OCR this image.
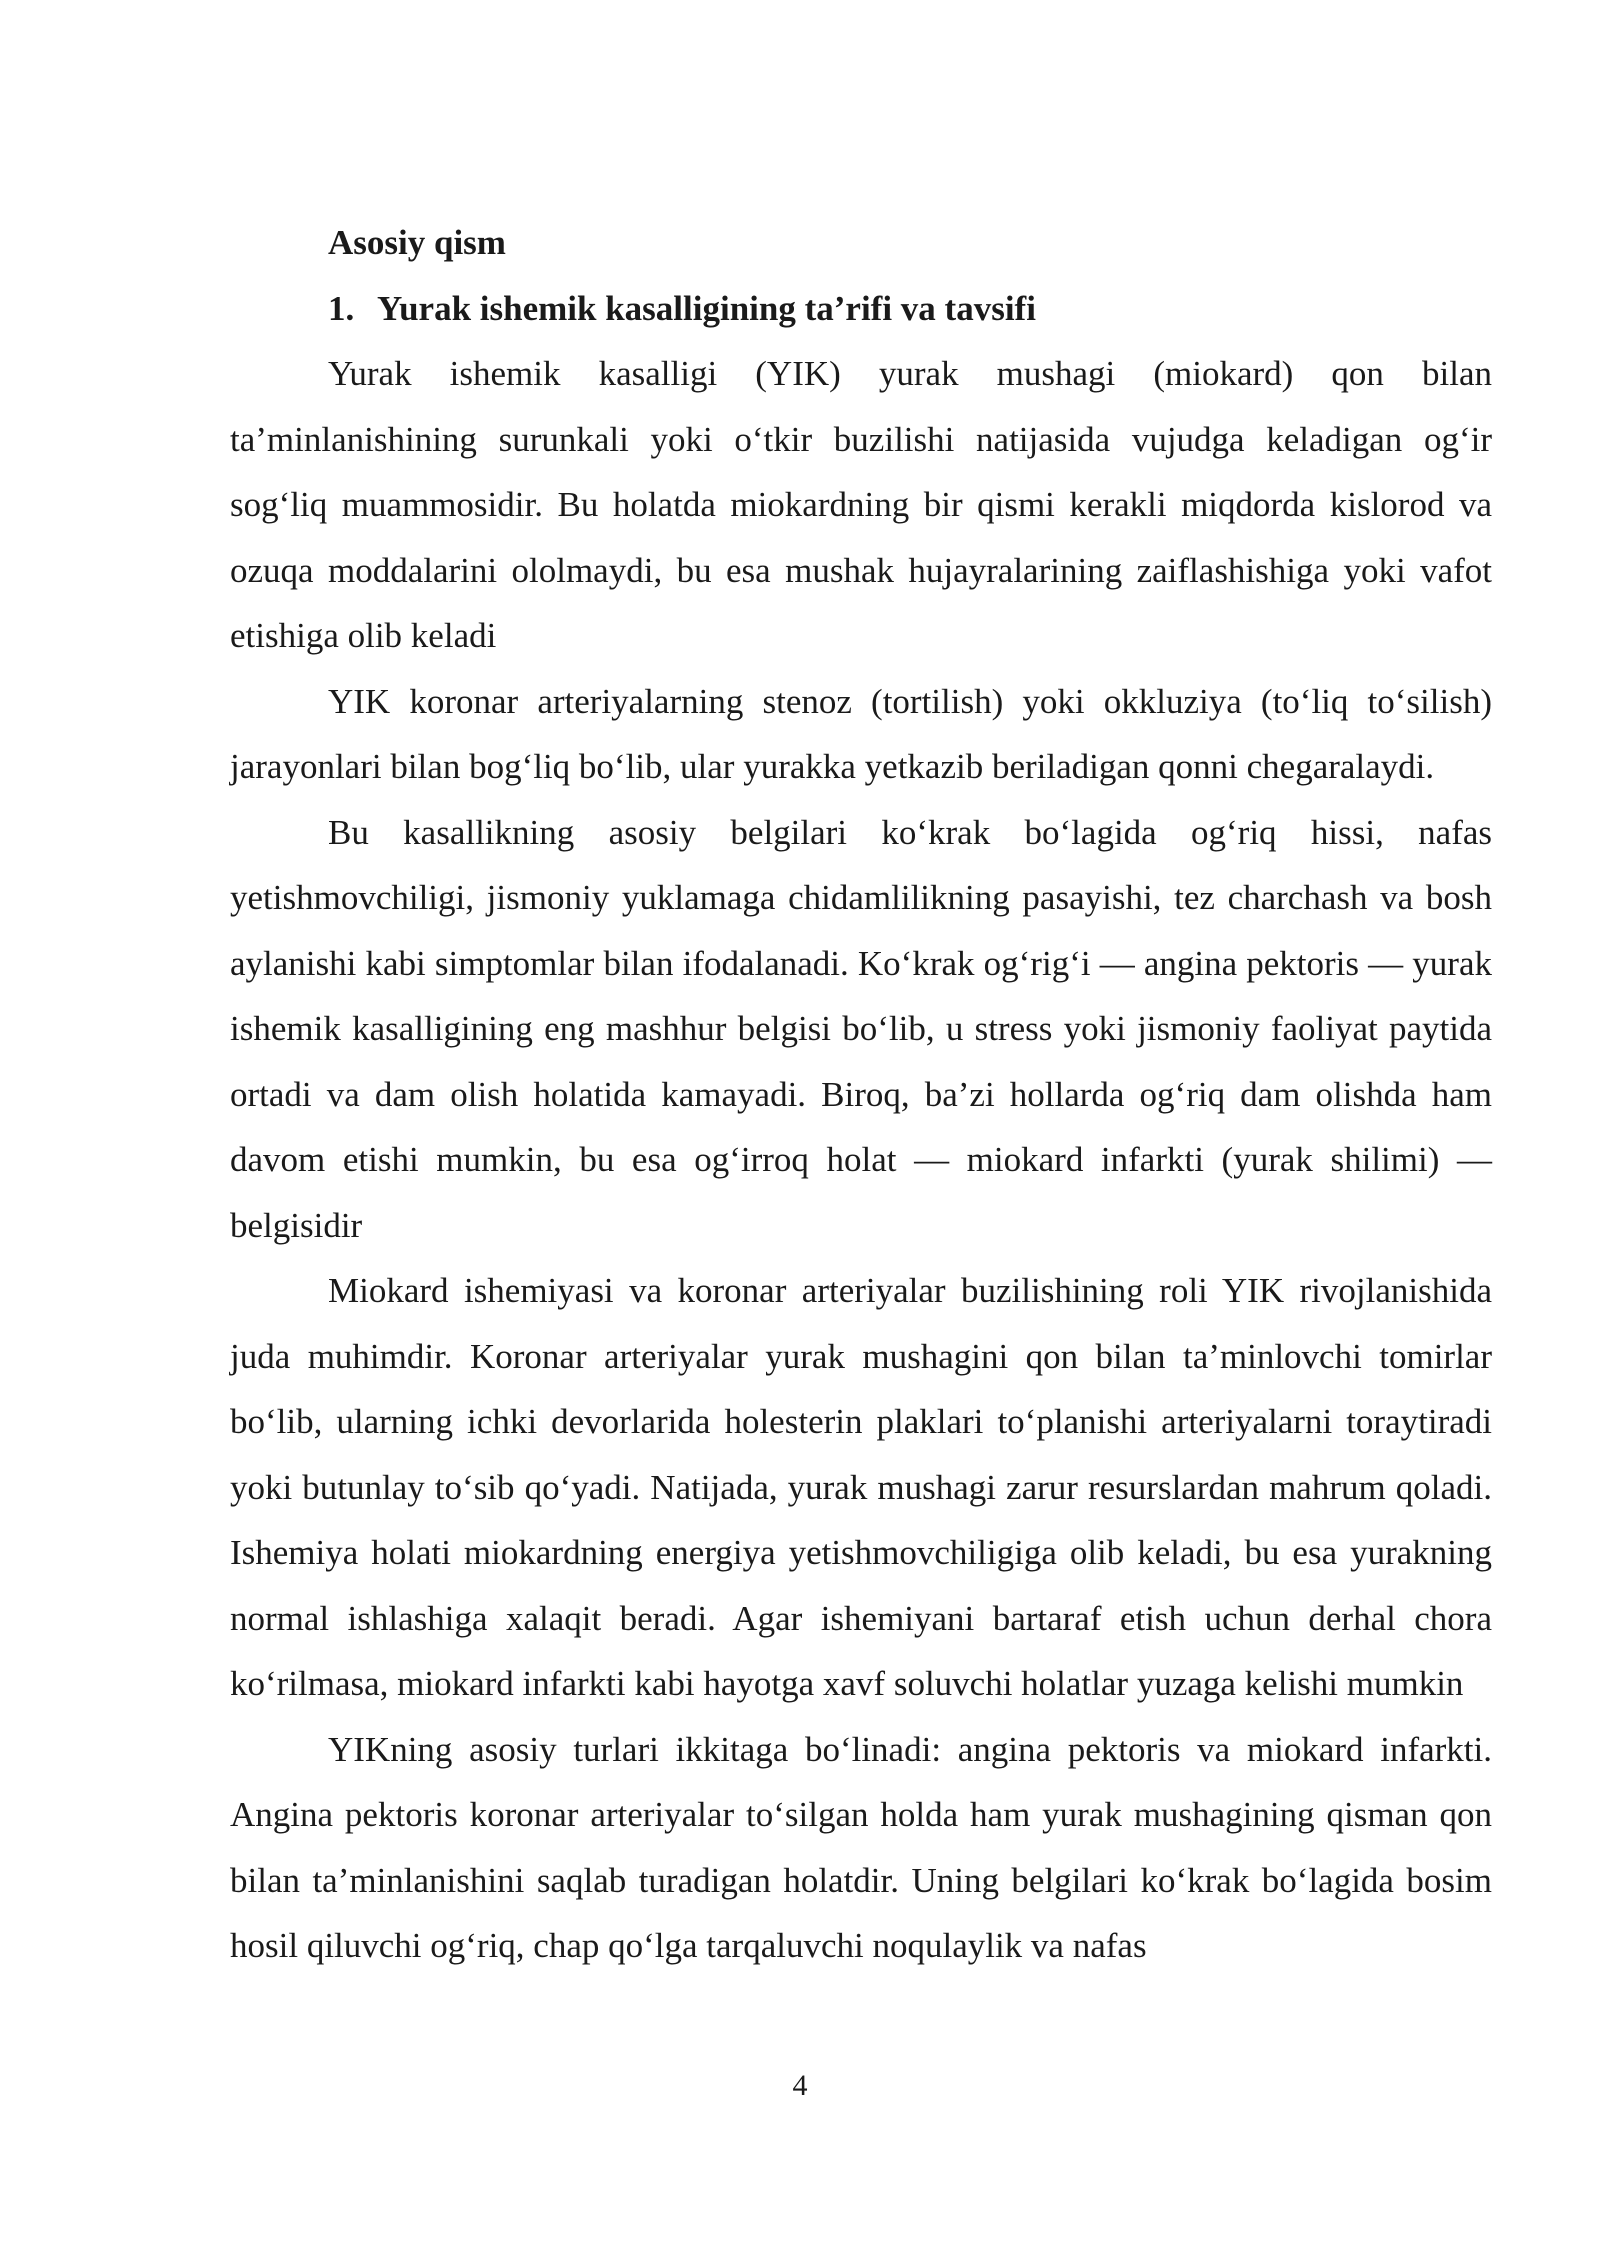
Asosiy qism

1. Yurak ishemik kasalligining ta’rifi va tavsifi

Yurak ishemik kasalligi (YIK) yurak mushagi (miokard) qon bilan ta’minlanishining surunkali yoki o‘tkir buzilishi natijasida vujudga keladigan og‘ir sog‘liq muammosidir. Bu holatda miokardning bir qismi kerakli miqdorda kislorod va ozuqa moddalarini ololmaydi, bu esa mushak hujayralarining zaiflashishiga yoki vafot etishiga olib keladi

YIK koronar arteriyalarning stenoz (tortilish) yoki okkluziya (to‘liq to‘silish) jarayonlari bilan bog‘liq bo‘lib, ular yurakka yetkazib beriladigan qonni chegaralaydi.

Bu kasallikning asosiy belgilari ko‘krak bo‘lagida og‘riq hissi, nafas yetishmovchiligi, jismoniy yuklamaga chidamlilikning pasayishi, tez charchash va bosh aylanishi kabi simptomlar bilan ifodalanadi. Ko‘krak og‘rig‘i — angina pektoris — yurak ishemik kasalligining eng mashhur belgisi bo‘lib, u stress yoki jismoniy faoliyat paytida ortadi va dam olish holatida kamayadi. Biroq, ba’zi hollarda og‘riq dam olishda ham davom etishi mumkin, bu esa og‘irroq holat — miokard infarkti (yurak shilimi) — belgisidir

Miokard ishemiyasi va koronar arteriyalar buzilishining roli YIK rivojlanishida juda muhimdir. Koronar arteriyalar yurak mushagini qon bilan ta’minlovchi tomirlar bo‘lib, ularning ichki devorlarida holesterin plaklari to‘planishi arteriyalarni toraytiradi yoki butunlay to‘sib qo‘yadi. Natijada, yurak mushagi zarur resurslardan mahrum qoladi. Ishemiya holati miokardning energiya yetishmovchiligiga olib keladi, bu esa yurakning normal ishlashiga xalaqit beradi. Agar ishemiyani bartaraf etish uchun derhal chora ko‘rilmasa, miokard infarkti kabi hayotga xavf soluvchi holatlar yuzaga kelishi mumkin

YIKning asosiy turlari ikkitaga bo‘linadi: angina pektoris va miokard infarkti. Angina pektoris koronar arteriyalar to‘silgan holda ham yurak mushagining qisman qon bilan ta’minlanishini saqlab turadigan holatdir. Uning belgilari ko‘krak bo‘lagida bosim hosil qiluvchi og‘riq, chap qo‘lga tarqaluvchi noqulaylik va nafas

4
